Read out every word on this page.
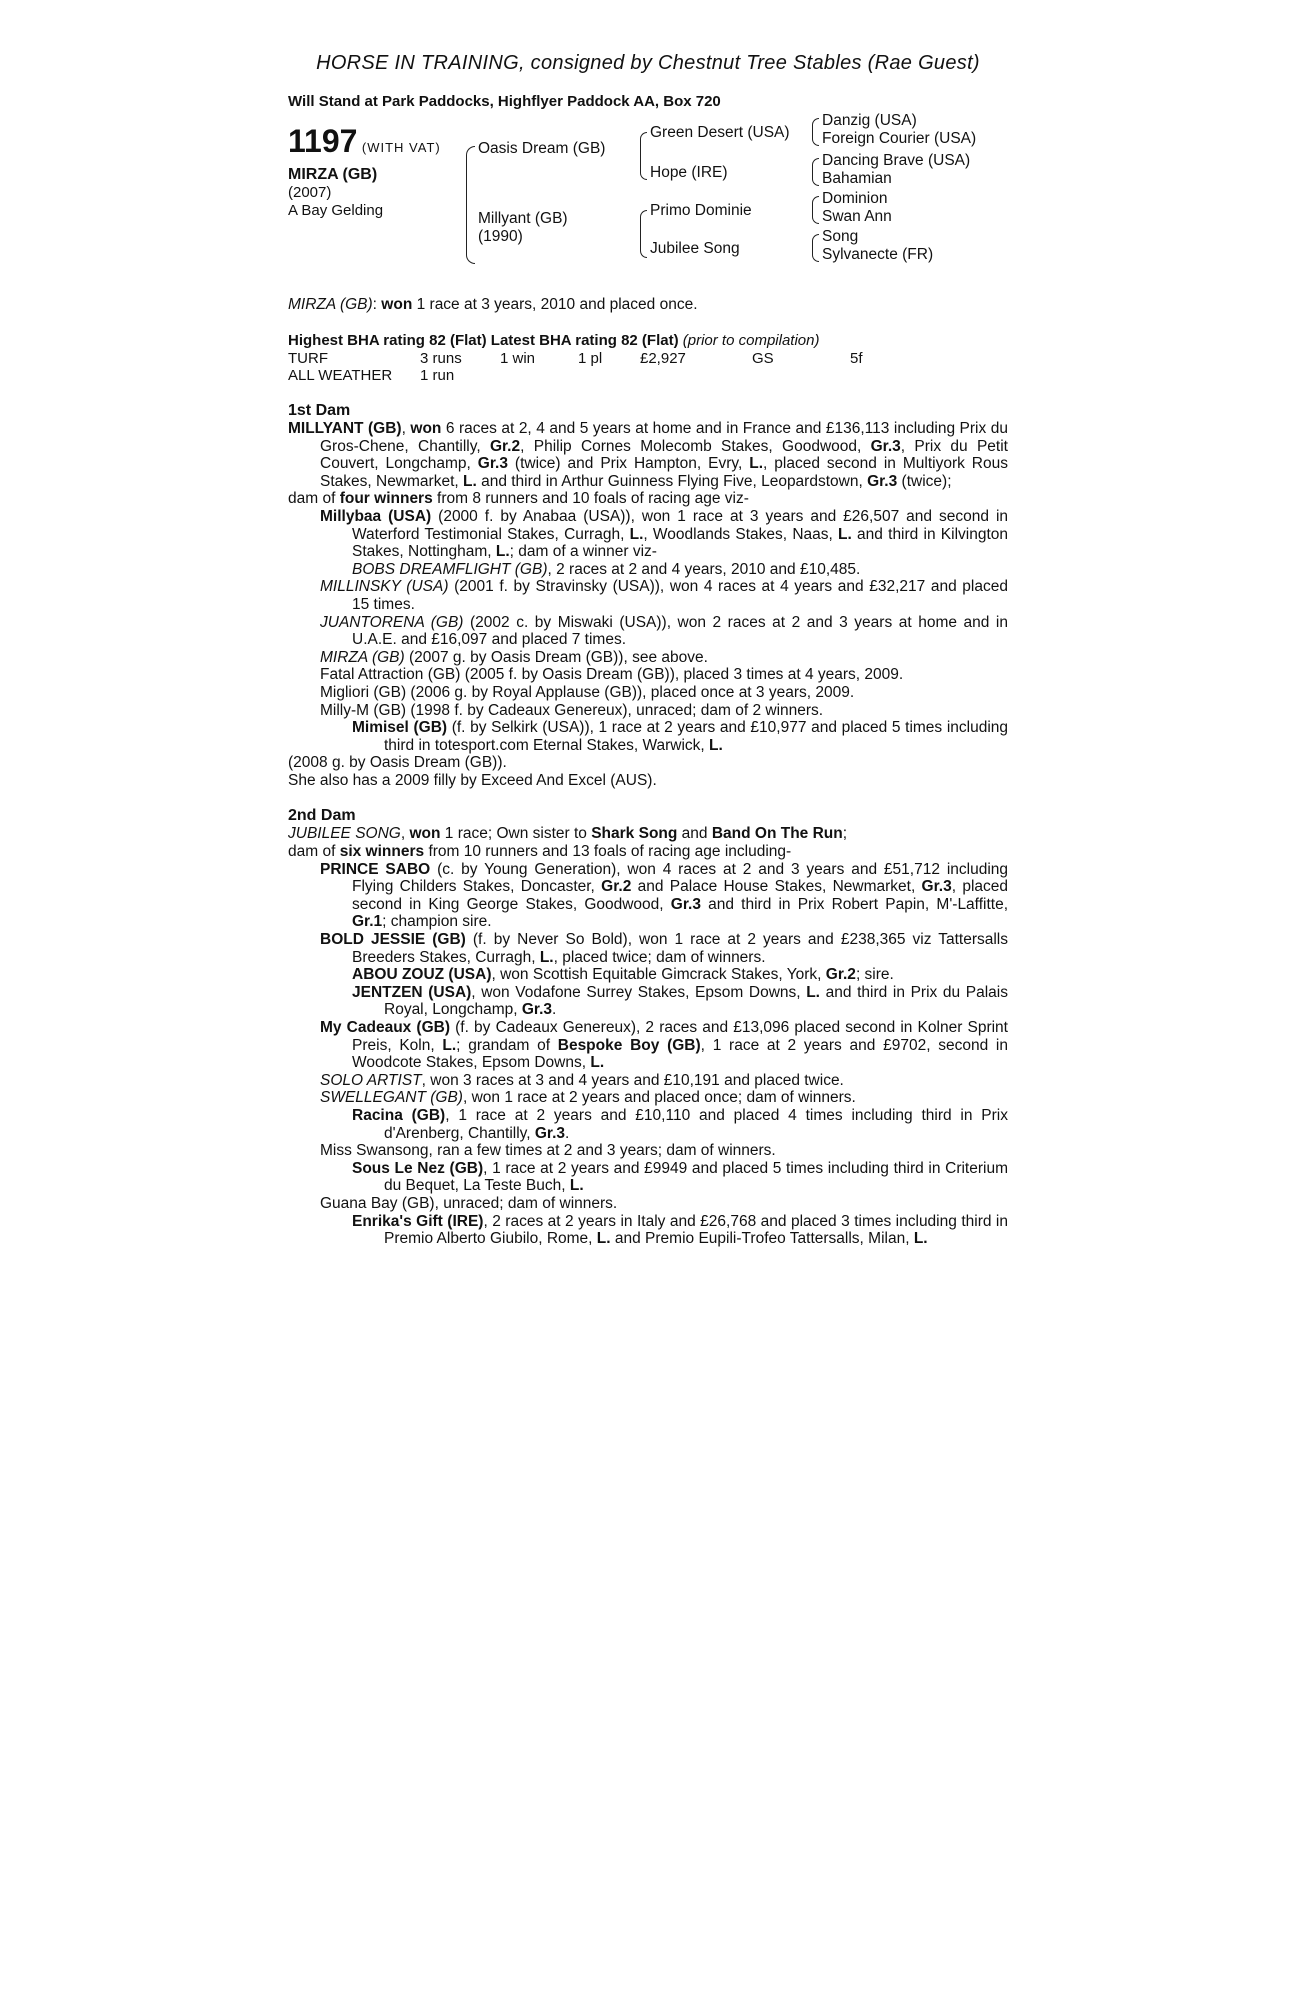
HORSE IN TRAINING, consigned by Chestnut Tree Stables (Rae Guest)
Will Stand at Park Paddocks, Highflyer Paddock AA, Box 720
1197 (WITH VAT)
MIRZA (GB)
(2007)
A Bay Gelding
Oasis Dream (GB)
Millyant (GB)
(1990)
Green Desert (USA)
Hope (IRE)
Primo Dominie
Jubilee Song
Danzig (USA)
Foreign Courier (USA)
Dancing Brave (USA)
Bahamian
Dominion
Swan Ann
Song
Sylvanecte (FR)
MIRZA (GB): won 1 race at 3 years, 2010 and placed once.
Highest BHA rating 82 (Flat) Latest BHA rating 82 (Flat) (prior to compilation)
TURF	3 runs	1 win	1 pl	£2,927	GS	5f
ALL WEATHER	1 run					
1st Dam
MILLYANT (GB), won 6 races at 2, 4 and 5 years at home and in France and £136,113 including Prix du Gros-Chene, Chantilly, Gr.2, Philip Cornes Molecomb Stakes, Goodwood, Gr.3, Prix du Petit Couvert, Longchamp, Gr.3 (twice) and Prix Hampton, Evry, L., placed second in Multiyork Rous Stakes, Newmarket, L. and third in Arthur Guinness Flying Five, Leopardstown, Gr.3 (twice);
dam of four winners from 8 runners and 10 foals of racing age viz-
Millybaa (USA) (2000 f. by Anabaa (USA)), won 1 race at 3 years and £26,507 and second in Waterford Testimonial Stakes, Curragh, L., Woodlands Stakes, Naas, L. and third in Kilvington Stakes, Nottingham, L.; dam of a winner viz-
BOBS DREAMFLIGHT (GB), 2 races at 2 and 4 years, 2010 and £10,485.
MILLINSKY (USA) (2001 f. by Stravinsky (USA)), won 4 races at 4 years and £32,217 and placed 15 times.
JUANTORENA (GB) (2002 c. by Miswaki (USA)), won 2 races at 2 and 3 years at home and in U.A.E. and £16,097 and placed 7 times.
MIRZA (GB) (2007 g. by Oasis Dream (GB)), see above.
Fatal Attraction (GB) (2005 f. by Oasis Dream (GB)), placed 3 times at 4 years, 2009.
Migliori (GB) (2006 g. by Royal Applause (GB)), placed once at 3 years, 2009.
Milly-M (GB) (1998 f. by Cadeaux Genereux), unraced; dam of 2 winners.
Mimisel (GB) (f. by Selkirk (USA)), 1 race at 2 years and £10,977 and placed 5 times including third in totesport.com Eternal Stakes, Warwick, L.
(2008 g. by Oasis Dream (GB)).
She also has a 2009 filly by Exceed And Excel (AUS).
2nd Dam
JUBILEE SONG, won 1 race; Own sister to Shark Song and Band On The Run;
dam of six winners from 10 runners and 13 foals of racing age including-
PRINCE SABO (c. by Young Generation), won 4 races at 2 and 3 years and £51,712 including Flying Childers Stakes, Doncaster, Gr.2 and Palace House Stakes, Newmarket, Gr.3, placed second in King George Stakes, Goodwood, Gr.3 and third in Prix Robert Papin, M'-Laffitte, Gr.1; champion sire.
BOLD JESSIE (GB) (f. by Never So Bold), won 1 race at 2 years and £238,365 viz Tattersalls Breeders Stakes, Curragh, L., placed twice; dam of winners.
ABOU ZOUZ (USA), won Scottish Equitable Gimcrack Stakes, York, Gr.2; sire.
JENTZEN (USA), won Vodafone Surrey Stakes, Epsom Downs, L. and third in Prix du Palais Royal, Longchamp, Gr.3.
My Cadeaux (GB) (f. by Cadeaux Genereux), 2 races and £13,096 placed second in Kolner Sprint Preis, Koln, L.; grandam of Bespoke Boy (GB), 1 race at 2 years and £9702, second in Woodcote Stakes, Epsom Downs, L.
SOLO ARTIST, won 3 races at 3 and 4 years and £10,191 and placed twice.
SWELLEGANT (GB), won 1 race at 2 years and placed once; dam of winners.
Racina (GB), 1 race at 2 years and £10,110 and placed 4 times including third in Prix d'Arenberg, Chantilly, Gr.3.
Miss Swansong, ran a few times at 2 and 3 years; dam of winners.
Sous Le Nez (GB), 1 race at 2 years and £9949 and placed 5 times including third in Criterium du Bequet, La Teste Buch, L.
Guana Bay (GB), unraced; dam of winners.
Enrika's Gift (IRE), 2 races at 2 years in Italy and £26,768 and placed 3 times including third in Premio Alberto Giubilo, Rome, L. and Premio Eupili-Trofeo Tattersalls, Milan, L.
